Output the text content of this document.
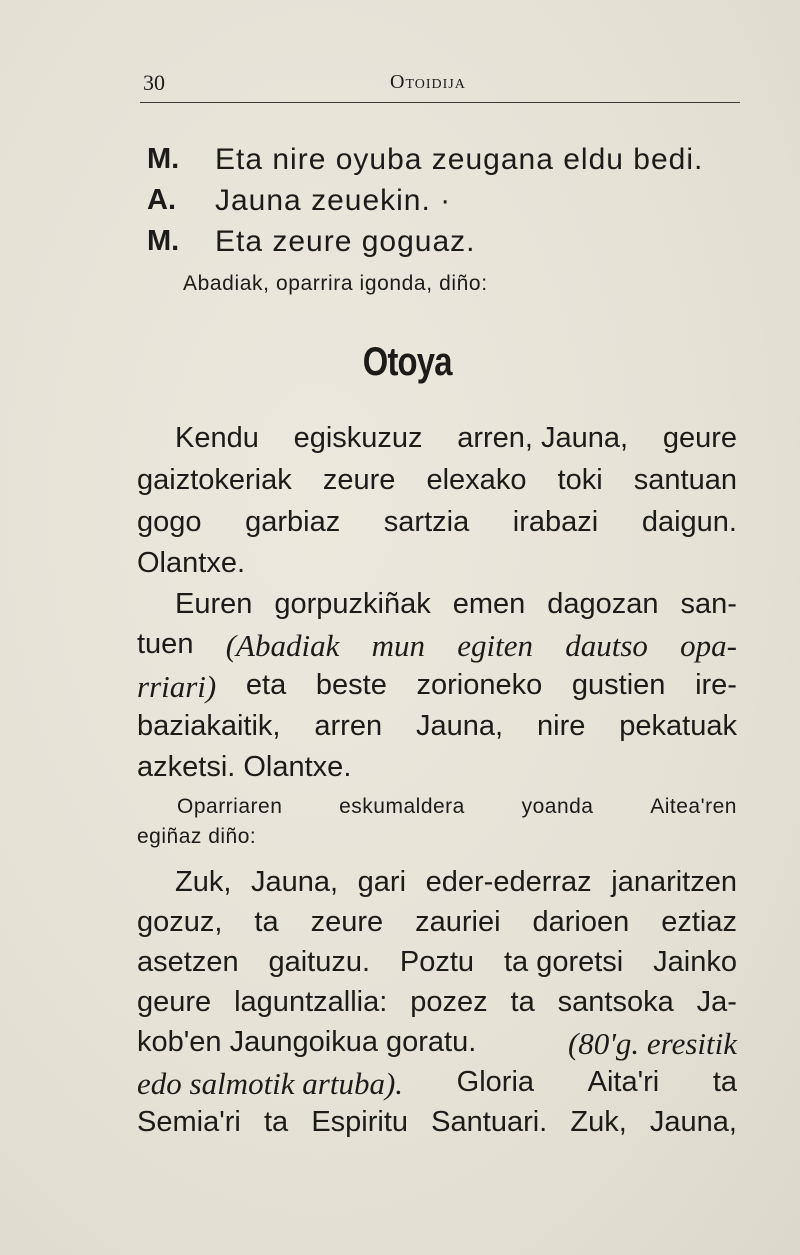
30	Otoidija
M. Eta nire oyuba zeugana eldu bedi.
A. Jauna zeuekin. ·
M. Eta zeure goguaz.
Abadiak, oparrira igonda, diño:
Otoya
Kendu egiskuzuz arren, Jauna, geure
gaiztokeriak zeure elexako toki santuan
gogo garbiaz sartzia irabazi daigun.
Olantxe.
Euren gorpuzkiñak emen dagozan san-
tuen (Abadiak mun egiten dautso opa-
rriari) eta beste zorioneko gustien ire-
baziakaitik, arren Jauna, nire pekatuak
azketsi. Olantxe.
Oparriaren	eskumaldera	yoanda	Aitea'ren
egiñaz diño:
Zuk, Jauna, gari eder-ederraz janaritzen
gozuz, ta zeure zauriei darioen eztiaz
asetzen gaituzu. Poztu ta goretsi Jainko
geure laguntzallia: pozez ta santsoka Ja-
kob'en Jaungoikua goratu.	(80'g. eresitik
edo salmotik artuba). Gloria Aita'ri ta
Semia'ri ta Espiritu Santuari. Zuk, Jauna,
